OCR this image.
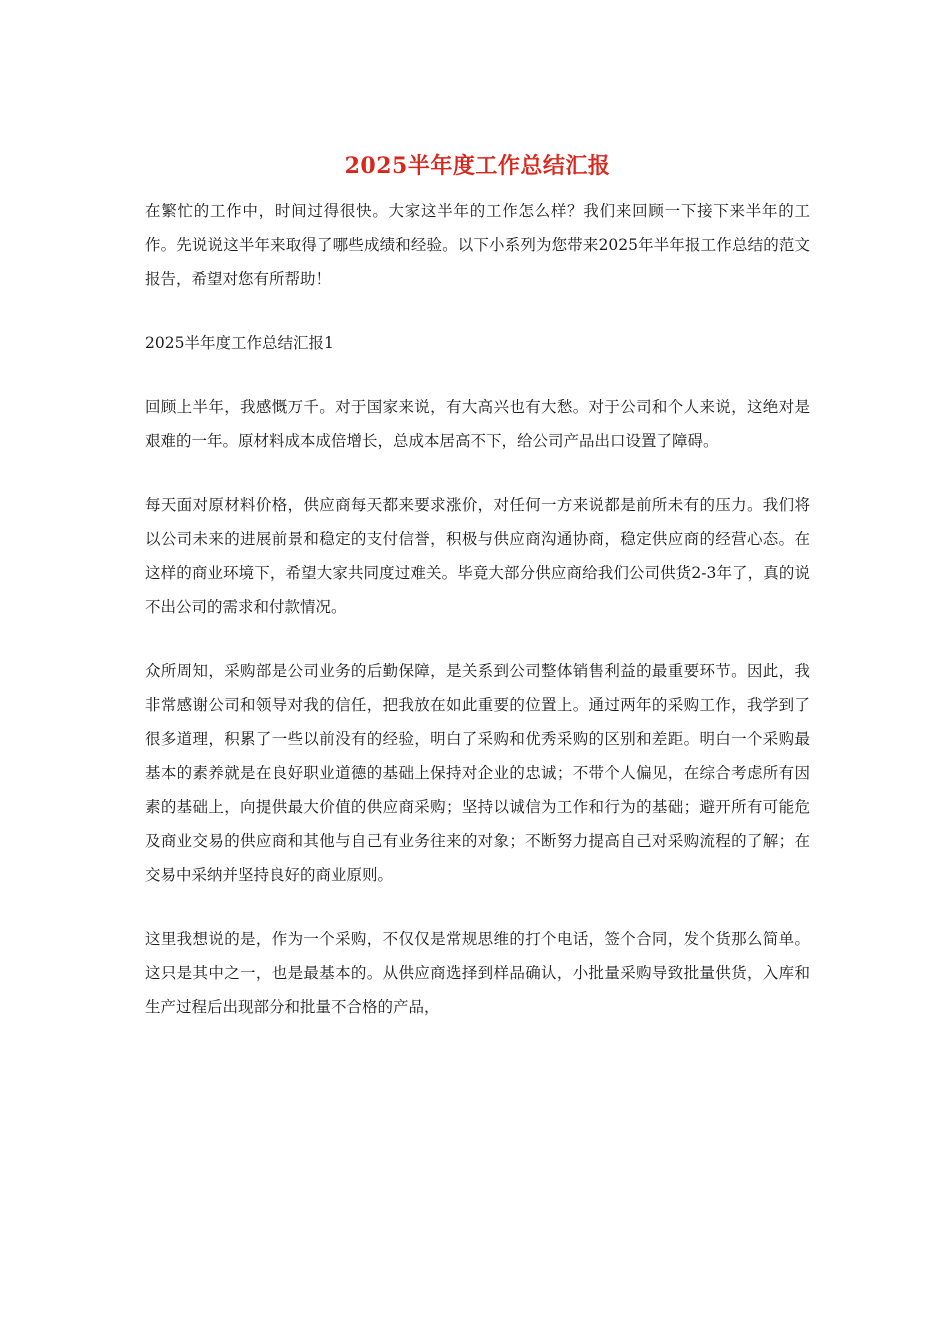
2025半年度工作总结汇报

在繁忙的工作中，时间过得很快。大家这半年的工作怎么样？我们来回顾一下接下来半年的工作。先说说这半年来取得了哪些成绩和经验。以下小系列为您带来2025年半年报工作总结的范文报告，希望对您有所帮助！

2025半年度工作总结汇报1

回顾上半年，我感慨万千。对于国家来说，有大高兴也有大愁。对于公司和个人来说，这绝对是艰难的一年。原材料成本成倍增长，总成本居高不下，给公司产品出口设置了障碍。

每天面对原材料价格，供应商每天都来要求涨价，对任何一方来说都是前所未有的压力。我们将以公司未来的进展前景和稳定的支付信誉，积极与供应商沟通协商，稳定供应商的经营心态。在这样的商业环境下，希望大家共同度过难关。毕竟大部分供应商给我们公司供货2-3年了，真的说不出公司的需求和付款情况。

众所周知，采购部是公司业务的后勤保障，是关系到公司整体销售利益的最重要环节。因此，我非常感谢公司和领导对我的信任，把我放在如此重要的位置上。通过两年的采购工作，我学到了很多道理，积累了一些以前没有的经验，明白了采购和优秀采购的区别和差距。明白一个采购最基本的素养就是在良好职业道德的基础上保持对企业的忠诚；不带个人偏见，在综合考虑所有因素的基础上，向提供最大价值的供应商采购；坚持以诚信为工作和行为的基础；避开所有可能危及商业交易的供应商和其他与自己有业务往来的对象；不断努力提高自己对采购流程的了解；在交易中采纳并坚持良好的商业原则。

这里我想说的是，作为一个采购，不仅仅是常规思维的打个电话，签个合同，发个货那么简单。这只是其中之一，也是最基本的。从供应商选择到样品确认，小批量采购导致批量供货，入库和生产过程后出现部分和批量不合格的产品，
